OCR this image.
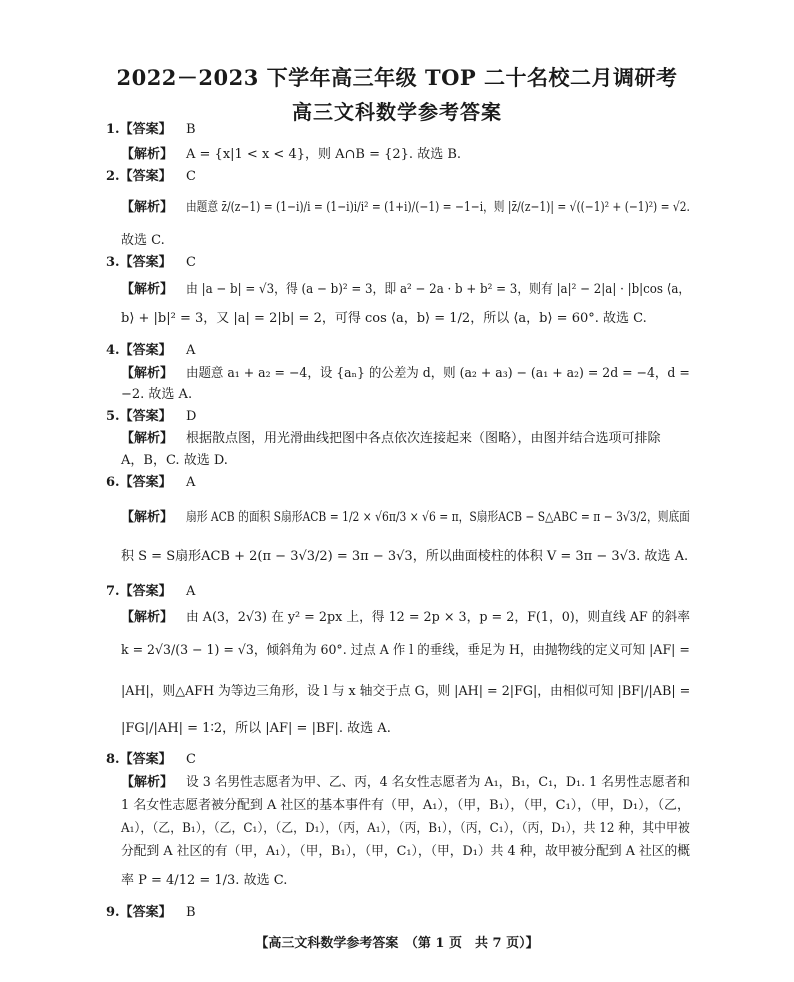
2022－2023 下学年高三年级 TOP 二十名校二月调研考
高三文科数学参考答案
1.【答案】 B
【解析】 A = {x|1 < x < 4}，则 A∩B = {2}. 故选 B.
2.【答案】 C
【解析】 由题意 z̄/(z−1) = (1−i)/i = (1−i)i/i² = (1+i)/(−1) = −1−i，则 |z̄/(z−1)| = √((−1)² + (−1)²) = √2.
故选 C.
3.【答案】 C
【解析】 由 |a − b| = √3，得 (a − b)² = 3，即 a² − 2a · b + b² = 3，则有 |a|² − 2|a| · |b|cos ⟨a，
b⟩ + |b|² = 3，又 |a| = 2|b| = 2，可得 cos ⟨a，b⟩ = 1/2，所以 ⟨a，b⟩ = 60°. 故选 C.
4.【答案】 A
【解析】 由题意 a₁ + a₂ = −4，设 {aₙ} 的公差为 d，则 (a₂ + a₃) − (a₁ + a₂) = 2d = −4，d =
−2. 故选 A.
5.【答案】 D
【解析】 根据散点图，用光滑曲线把图中各点依次连接起来（图略），由图并结合选项可排除
A，B，C. 故选 D.
6.【答案】 A
【解析】 扇形 ACB 的面积 S扇形ACB = 1/2 × √6π/3 × √6 = π，S扇形ACB − S△ABC = π − 3√3/2，则底面
积 S = S扇形ACB + 2(π − 3√3/2) = 3π − 3√3，所以曲面棱柱的体积 V = 3π − 3√3. 故选 A.
7.【答案】 A
【解析】 由 A(3，2√3) 在 y² = 2px 上，得 12 = 2p × 3，p = 2，F(1，0)，则直线 AF 的斜率
k = 2√3/(3 − 1) = √3，倾斜角为 60°. 过点 A 作 l 的垂线，垂足为 H，由抛物线的定义可知 |AF| =
|AH|，则△AFH 为等边三角形，设 l 与 x 轴交于点 G，则 |AH| = 2|FG|，由相似可知 |BF|/|AB| =
|FG|/|AH| = 1∶2，所以 |AF| = |BF|. 故选 A.
8.【答案】 C
【解析】 设 3 名男性志愿者为甲、乙、丙，4 名女性志愿者为 A₁，B₁，C₁，D₁. 1 名男性志愿者和
1 名女性志愿者被分配到 A 社区的基本事件有（甲，A₁），（甲，B₁），（甲，C₁），（甲，D₁），（乙，
A₁），（乙，B₁），（乙，C₁），（乙，D₁），（丙，A₁），（丙，B₁），（丙，C₁），（丙，D₁），共 12 种，其中甲被
分配到 A 社区的有（甲，A₁），（甲，B₁），（甲，C₁），（甲，D₁）共 4 种，故甲被分配到 A 社区的概
率 P = 4/12 = 1/3. 故选 C.
9.【答案】 B
【高三文科数学参考答案　（第 1 页　共 7 页）】
